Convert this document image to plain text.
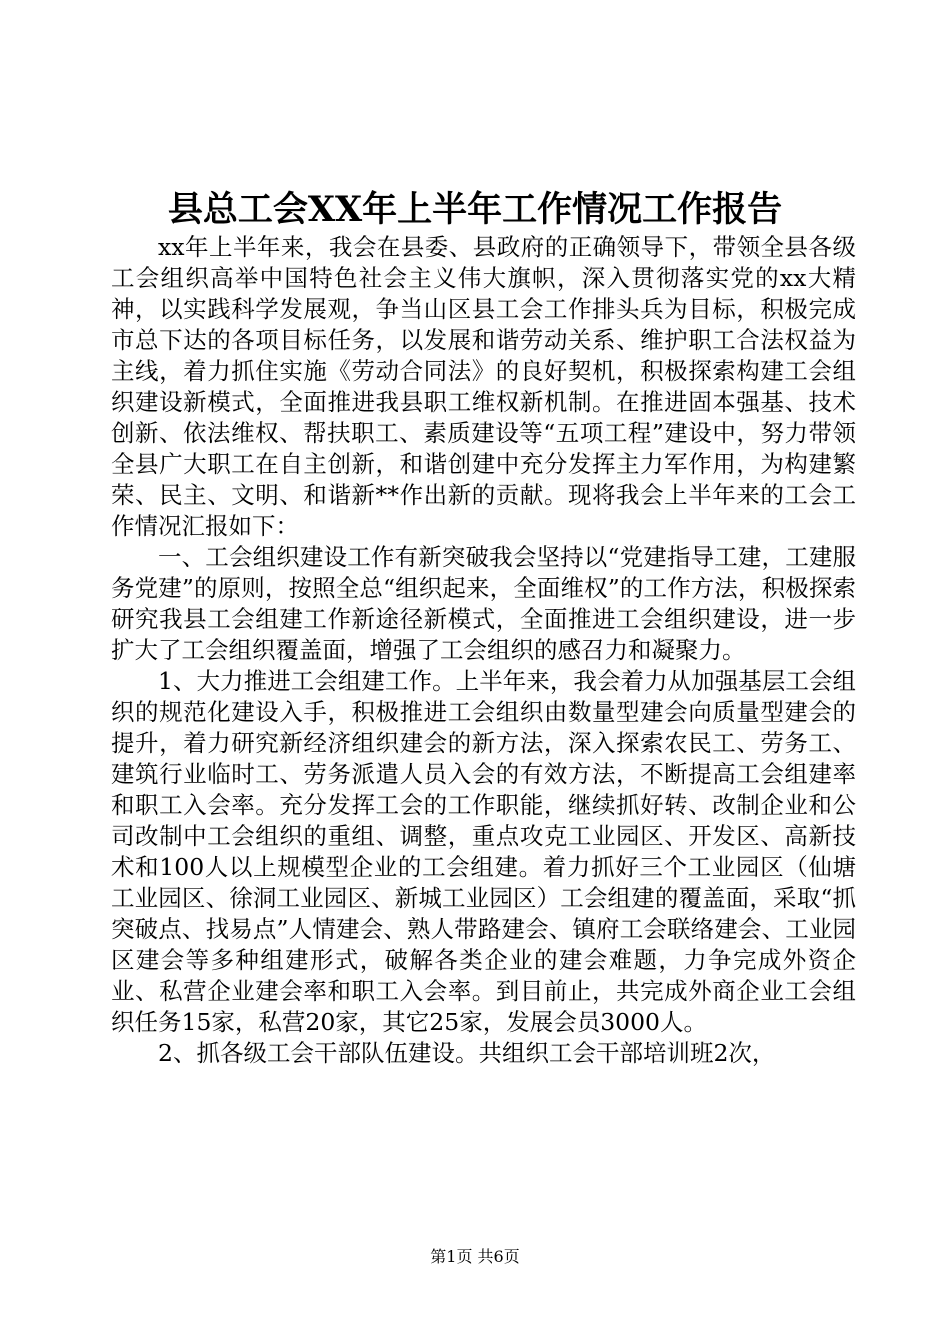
县总工会XX年上半年工作情况工作报告

xx年上半年来，我会在县委、县政府的正确领导下，带领全县各级工会组织高举中国特色社会主义伟大旗帜，深入贯彻落实党的xx大精神，以实践科学发展观，争当山区县工会工作排头兵为目标，积极完成市总下达的各项目标任务，以发展和谐劳动关系、维护职工合法权益为主线，着力抓住实施《劳动合同法》的良好契机，积极探索构建工会组织建设新模式，全面推进我县职工维权新机制。在推进固本强基、技术创新、依法维权、帮扶职工、素质建设等“五项工程”建设中，努力带领全县广大职工在自主创新，和谐创建中充分发挥主力军作用，为构建繁荣、民主、文明、和谐新**作出新的贡献。现将我会上半年来的工会工作情况汇报如下：

一、工会组织建设工作有新突破我会坚持以“党建指导工建，工建服务党建”的原则，按照全总“组织起来，全面维权”的工作方法，积极探索研究我县工会组建工作新途径新模式，全面推进工会组织建设，进一步扩大了工会组织覆盖面，增强了工会组织的感召力和凝聚力。

1、大力推进工会组建工作。上半年来，我会着力从加强基层工会组织的规范化建设入手，积极推进工会组织由数量型建会向质量型建会的提升，着力研究新经济组织建会的新方法，深入探索农民工、劳务工、建筑行业临时工、劳务派遣人员入会的有效方法，不断提高工会组建率和职工入会率。充分发挥工会的工作职能，继续抓好转、改制企业和公司改制中工会组织的重组、调整，重点攻克工业园区、开发区、高新技术和100人以上规模型企业的工会组建。着力抓好三个工业园区（仙塘工业园区、徐洞工业园区、新城工业园区）工会组建的覆盖面，采取“抓突破点、找易点”人情建会、熟人带路建会、镇府工会联络建会、工业园区建会等多种组建形式，破解各类企业的建会难题，力争完成外资企业、私营企业建会率和职工入会率。到目前止，共完成外商企业工会组织任务15家，私营20家，其它25家，发展会员3000人。

2、抓各级工会干部队伍建设。共组织工会干部培训班2次，

第1页 共6页
